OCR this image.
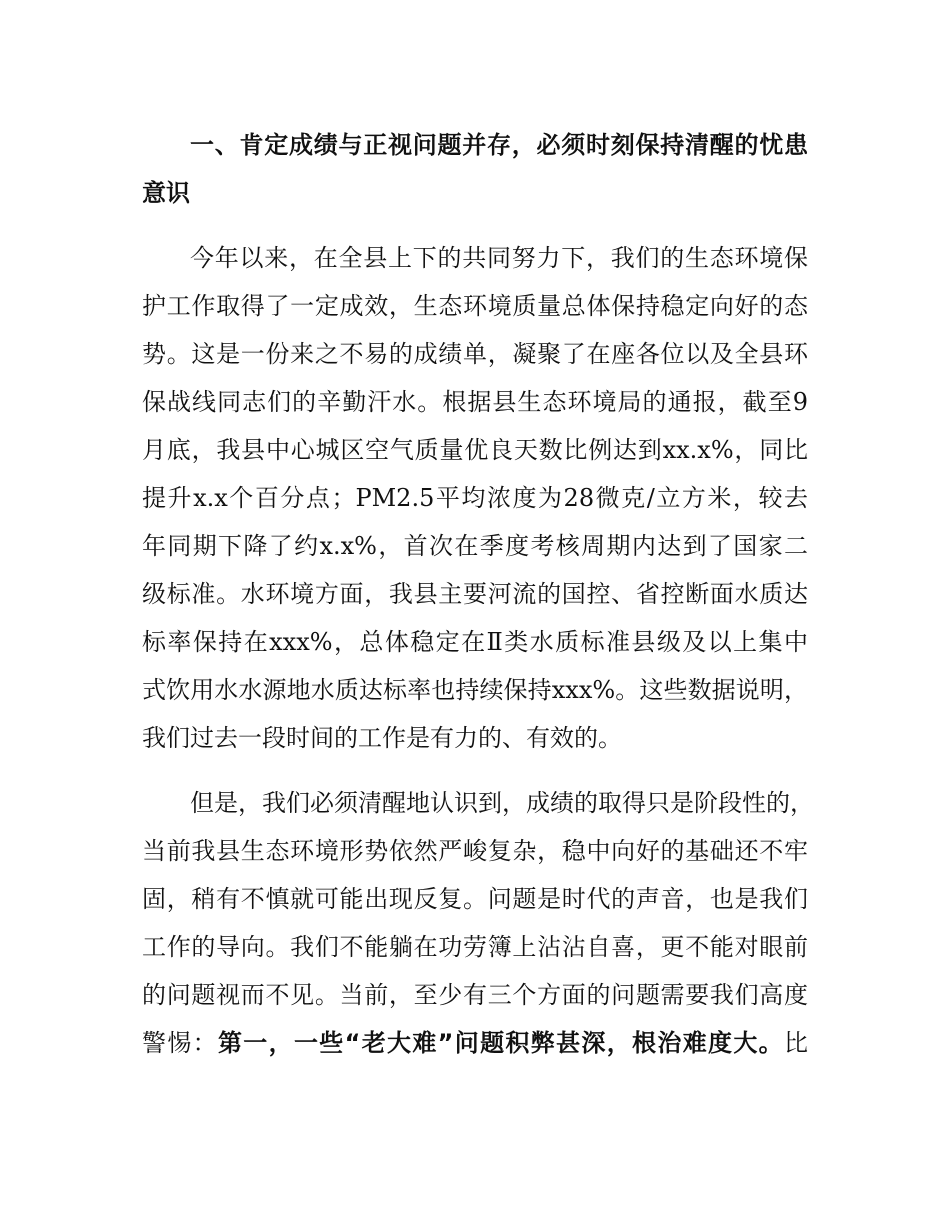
一、肯定成绩与正视问题并存，必须时刻保持清醒的忧患
意识
今年以来，在全县上下的共同努力下，我们的生态环境保
护工作取得了一定成效，生态环境质量总体保持稳定向好的态
势。这是一份来之不易的成绩单，凝聚了在座各位以及全县环
保战线同志们的辛勤汗水。根据县生态环境局的通报，截至9
月底，我县中心城区空气质量优良天数比例达到xx.x%，同比
提升x.x个百分点；PM2.5平均浓度为28微克/立方米，较去
年同期下降了约x.x%，首次在季度考核周期内达到了国家二
级标准。水环境方面，我县主要河流的国控、省控断面水质达
标率保持在xxx%，总体稳定在Ⅱ类水质标准县级及以上集中
式饮用水水源地水质达标率也持续保持xxx%。这些数据说明，
我们过去一段时间的工作是有力的、有效的。
但是，我们必须清醒地认识到，成绩的取得只是阶段性的，
当前我县生态环境形势依然严峻复杂，稳中向好的基础还不牢
固，稍有不慎就可能出现反复。问题是时代的声音，也是我们
工作的导向。我们不能躺在功劳簿上沾沾自喜，更不能对眼前
的问题视而不见。当前，至少有三个方面的问题需要我们高度
警惕：第一，一些“老大难”问题积弊甚深，根治难度大。比
